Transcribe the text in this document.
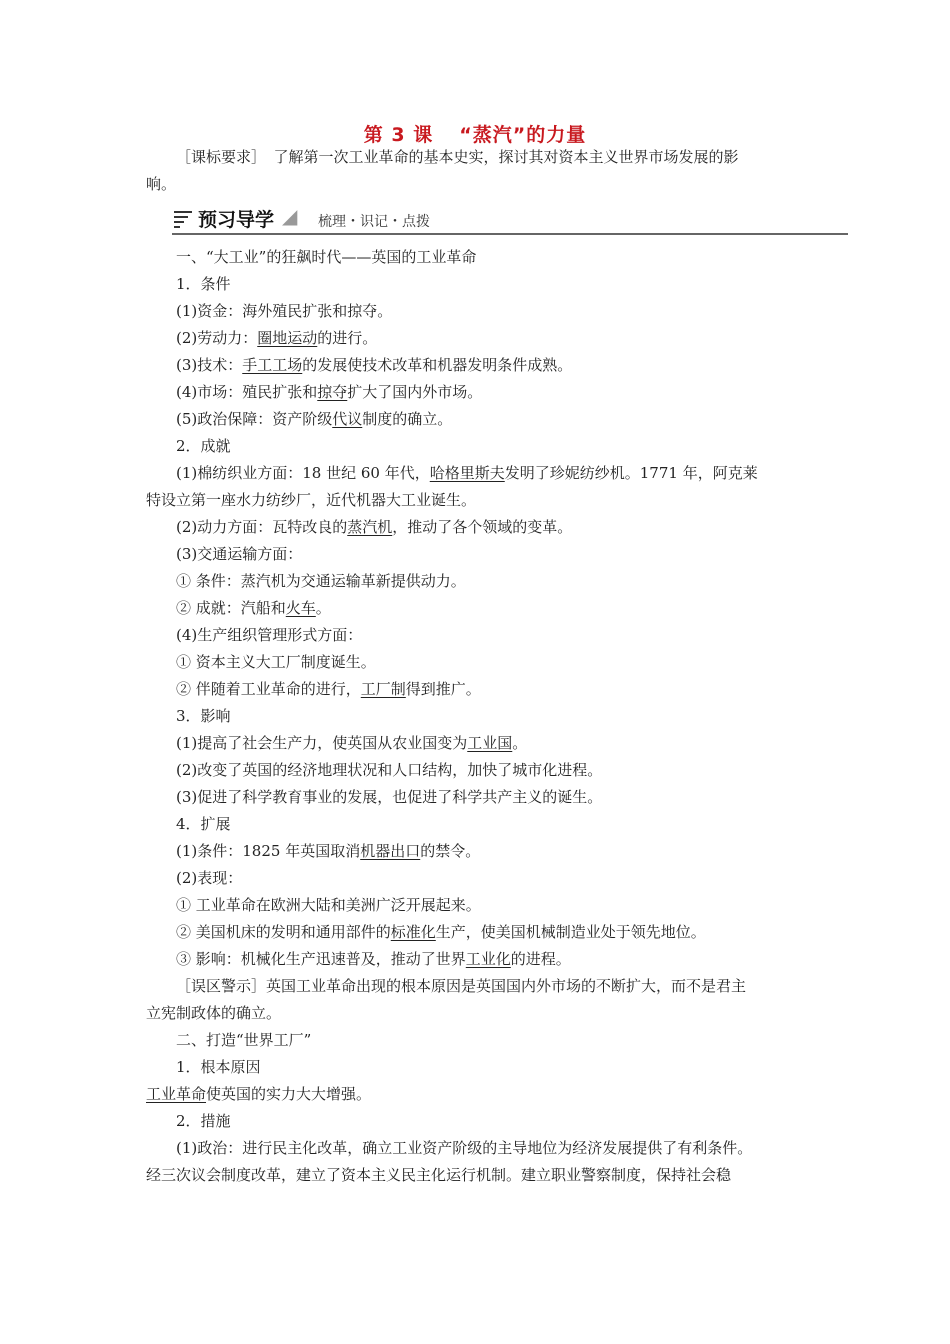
第 3 课 “蒸汽”的力量

［课标要求］　了解第一次工业革命的基本史实，探讨其对资本主义世界市场发展的影

响。

预习导学 ◢ 梳理・识记・点拨

一、“大工业”的狂飙时代——英国的工业革命

1．条件

(1)资金：海外殖民扩张和掠夺。

(2)劳动力：圈地运动的进行。

(3)技术：手工工场的发展使技术改革和机器发明条件成熟。

(4)市场：殖民扩张和掠夺扩大了国内外市场。

(5)政治保障：资产阶级代议制度的确立。

2．成就

(1)棉纺织业方面：18 世纪 60 年代，哈格里斯夫发明了珍妮纺纱机。1771 年，阿克莱

特设立第一座水力纺纱厂，近代机器大工业诞生。

(2)动力方面：瓦特改良的蒸汽机，推动了各个领域的变革。

(3)交通运输方面：

① 条件：蒸汽机为交通运输革新提供动力。

② 成就：汽船和火车。

(4)生产组织管理形式方面：

① 资本主义大工厂制度诞生。

② 伴随着工业革命的进行，工厂制得到推广。

3．影响

(1)提高了社会生产力，使英国从农业国变为工业国。

(2)改变了英国的经济地理状况和人口结构，加快了城市化进程。

(3)促进了科学教育事业的发展，也促进了科学共产主义的诞生。

4．扩展

(1)条件：1825 年英国取消机器出口的禁令。

(2)表现：

① 工业革命在欧洲大陆和美洲广泛开展起来。

② 美国机床的发明和通用部件的标准化生产，使美国机械制造业处于领先地位。

③ 影响：机械化生产迅速普及，推动了世界工业化的进程。

［误区警示］英国工业革命出现的根本原因是英国国内外市场的不断扩大，而不是君主

立宪制政体的确立。

二、打造“世界工厂”

1．根本原因

工业革命使英国的实力大大增强。

2．措施

(1)政治：进行民主化改革，确立工业资产阶级的主导地位为经济发展提供了有利条件。

经三次议会制度改革，建立了资本主义民主化运行机制。建立职业警察制度，保持社会稳
